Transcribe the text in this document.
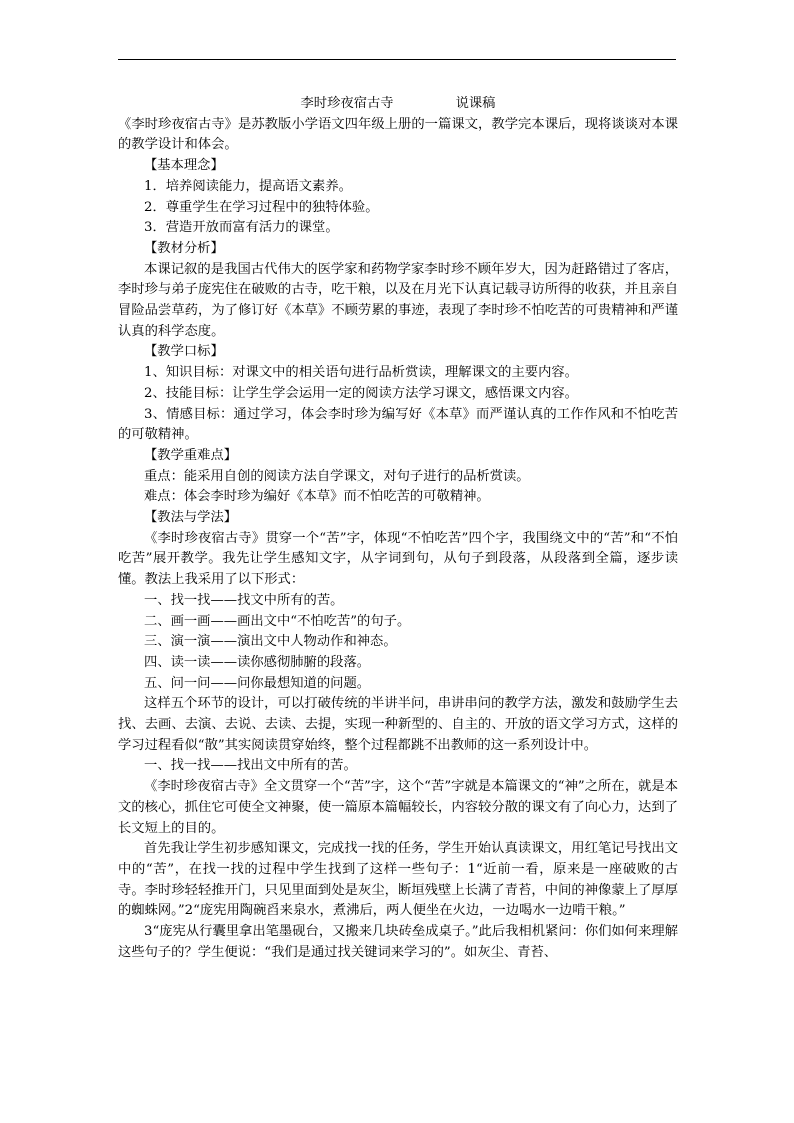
李时珍夜宿古寺	说课稿

《李时珍夜宿古寺》是苏教版小学语文四年级上册的一篇课文，教学完本课后，现将谈谈对本课的教学设计和体会。

【基本理念】

1．培养阅读能力，提高语文素养。

2．尊重学生在学习过程中的独特体验。

3．营造开放而富有活力的课堂。

【教材分析】

本课记叙的是我国古代伟大的医学家和药物学家李时珍不顾年岁大，因为赶路错过了客店，李时珍与弟子庞宪住在破败的古寺，吃干粮，以及在月光下认真记载寻访所得的收获，并且亲自冒险品尝草药，为了修订好《本草》不顾劳累的事迹，表现了李时珍不怕吃苦的可贵精神和严谨认真的科学态度。

【教学口标】

1、知识目标：对课文中的相关语句进行品析赏读，理解课文的主要内容。

2、技能目标：让学生学会运用一定的阅读方法学习课文，感悟课文内容。

3、情感目标：通过学习，体会李时珍为编写好《本草》而严谨认真的工作作风和不怕吃苦的可敬精神。

【教学重难点】

重点：能采用自创的阅读方法自学课文，对句子进行的品析赏读。

难点：体会李时珍为编好《本草》而不怕吃苦的可敬精神。

【教法与学法】

《李时珍夜宿古寺》贯穿一个“苦”字，体现“不怕吃苦”四个字，我围绕文中的“苦”和“不怕吃苦”展开教学。我先让学生感知文字，从字词到句，从句子到段落，从段落到全篇，逐步读懂。教法上我采用了以下形式：

一、找一找——找文中所有的苦。

二、画一画——画出文中“不怕吃苦”的句子。

三、演一演——演出文中人物动作和神态。

四、读一读——读你感彻肺腑的段落。

五、问一问——问你最想知道的问题。

这样五个环节的设计，可以打破传统的半讲半问，串讲串问的教学方法，激发和鼓励学生去找、去画、去演、去说、去读、去提，实现一种新型的、自主的、开放的语文学习方式，这样的学习过程看似“散”其实阅读贯穿始终，整个过程都跳不出教师的这一系列设计中。

一、找一找——找出文中所有的苦。

《李时珍夜宿古寺》全文贯穿一个“苦”字，这个“苦”字就是本篇课文的“神”之所在，就是本文的核心，抓住它可使全文神聚，使一篇原本篇幅较长，内容较分散的课文有了向心力，达到了长文短上的目的。

首先我让学生初步感知课文，完成找一找的任务，学生开始认真读课文，用红笔记号找出文中的“苦”，在找一找的过程中学生找到了这样一些句子：1“近前一看，原来是一座破败的古寺。李时珍轻轻推开门，只见里面到处是灰尘，断垣残壁上长满了青苔，中间的神像蒙上了厚厚的蜘蛛网。”2“庞宪用陶碗舀来泉水，煮沸后，两人便坐在火边，一边喝水一边啃干粮。”

3“庞宪从行囊里拿出笔墨砚台，又搬来几块砖垒成桌子。”此后我相机紧问：你们如何来理解这些句子的？学生便说：“我们是通过找关键词来学习的”。如灰尘、青苔、
